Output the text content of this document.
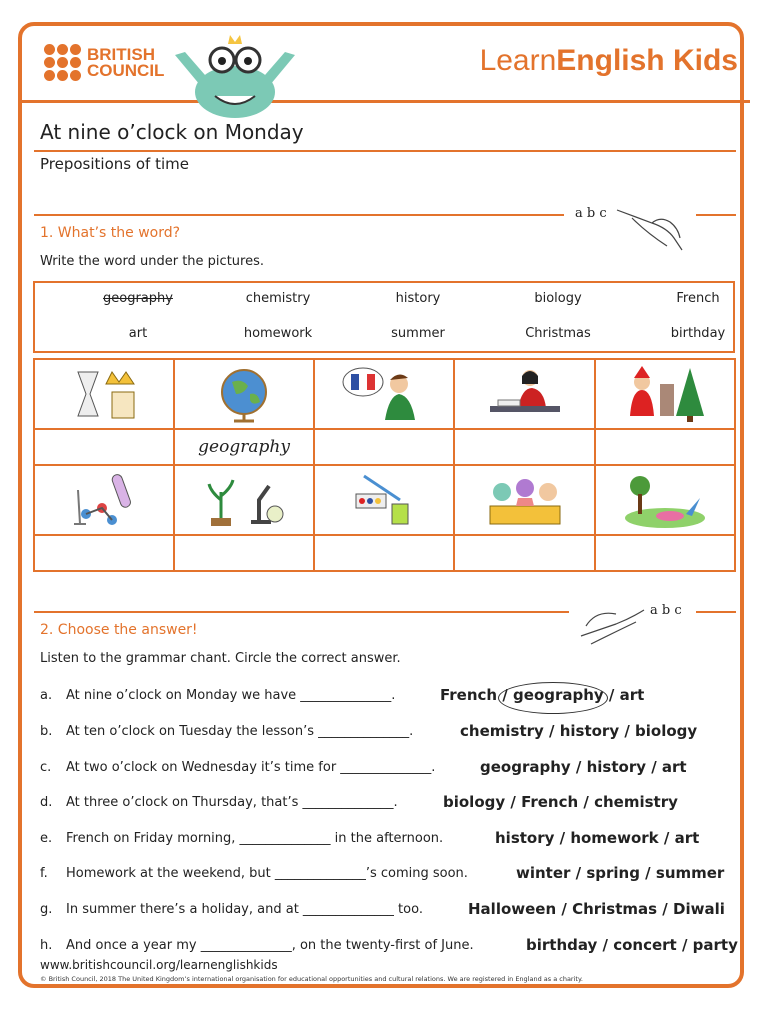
BRITISH
COUNCIL	LearnEnglish Kids
At nine o’clock on Monday
Prepositions of time
a b c
1. What’s the word?
Write the word under the pictures.
geography	chemistry	history	biology	French
art	homework	summer	Christmas	birthday

	geography			

a b c
2. Choose the answer!
Listen to the grammar chant. Circle the correct answer.
a. At nine o’clock on Monday we have ______________.	French / geography / art
b. At ten o’clock on Tuesday the lesson’s ______________.	chemistry / history / biology
c. At two o’clock on Wednesday it’s time for ______________.	geography / history / art
d. At three o’clock on Thursday, that’s ______________.	biology / French / chemistry
e. French on Friday morning, ______________ in the afternoon.	history / homework / art
f. Homework at the weekend, but ______________’s coming soon.	winter / spring / summer
g. In summer there’s a holiday, and at ______________ too.	Halloween / Christmas / Diwali
h. And once a year my ______________, on the twenty-first of June.	birthday / concert / party
www.britishcouncil.org/learnenglishkids
© British Council, 2018 The United Kingdom’s international organisation for educational opportunities and cultural relations. We are registered in England as a charity.
